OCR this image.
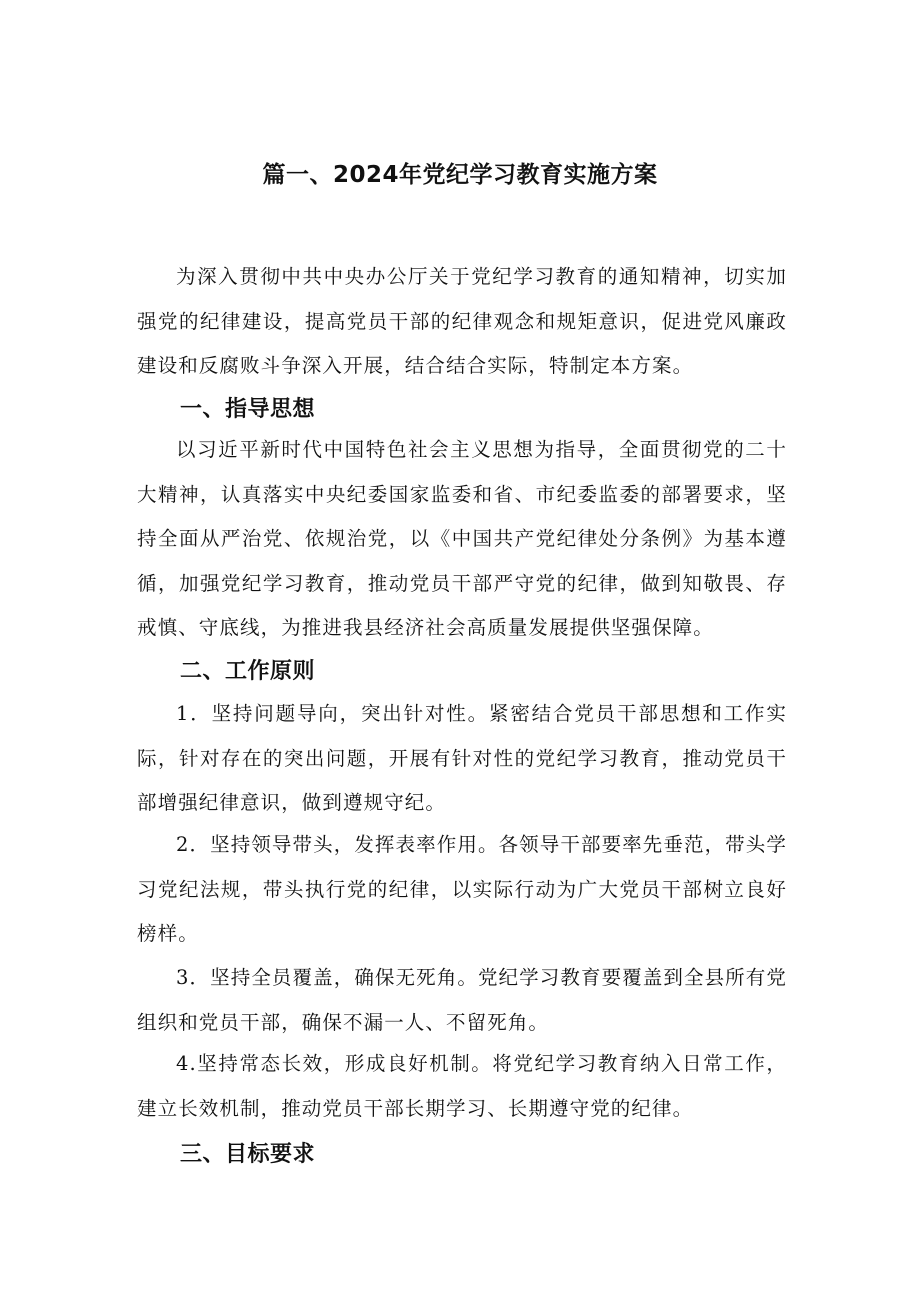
篇一、2024年党纪学习教育实施方案

为深入贯彻中共中央办公厅关于党纪学习教育的通知精神，切实加强党的纪律建设，提高党员干部的纪律观念和规矩意识，促进党风廉政建设和反腐败斗争深入开展，结合结合实际，特制定本方案。

一、指导思想

以习近平新时代中国特色社会主义思想为指导，全面贯彻党的二十大精神，认真落实中央纪委国家监委和省、市纪委监委的部署要求，坚持全面从严治党、依规治党，以《中国共产党纪律处分条例》为基本遵循，加强党纪学习教育，推动党员干部严守党的纪律，做到知敬畏、存戒慎、守底线，为推进我县经济社会高质量发展提供坚强保障。

二、工作原则

1．坚持问题导向，突出针对性。紧密结合党员干部思想和工作实际，针对存在的突出问题，开展有针对性的党纪学习教育，推动党员干部增强纪律意识，做到遵规守纪。

2．坚持领导带头，发挥表率作用。各领导干部要率先垂范，带头学习党纪法规，带头执行党的纪律，以实际行动为广大党员干部树立良好榜样。

3．坚持全员覆盖，确保无死角。党纪学习教育要覆盖到全县所有党组织和党员干部，确保不漏一人、不留死角。

4.坚持常态长效，形成良好机制。将党纪学习教育纳入日常工作，建立长效机制，推动党员干部长期学习、长期遵守党的纪律。

三、目标要求
